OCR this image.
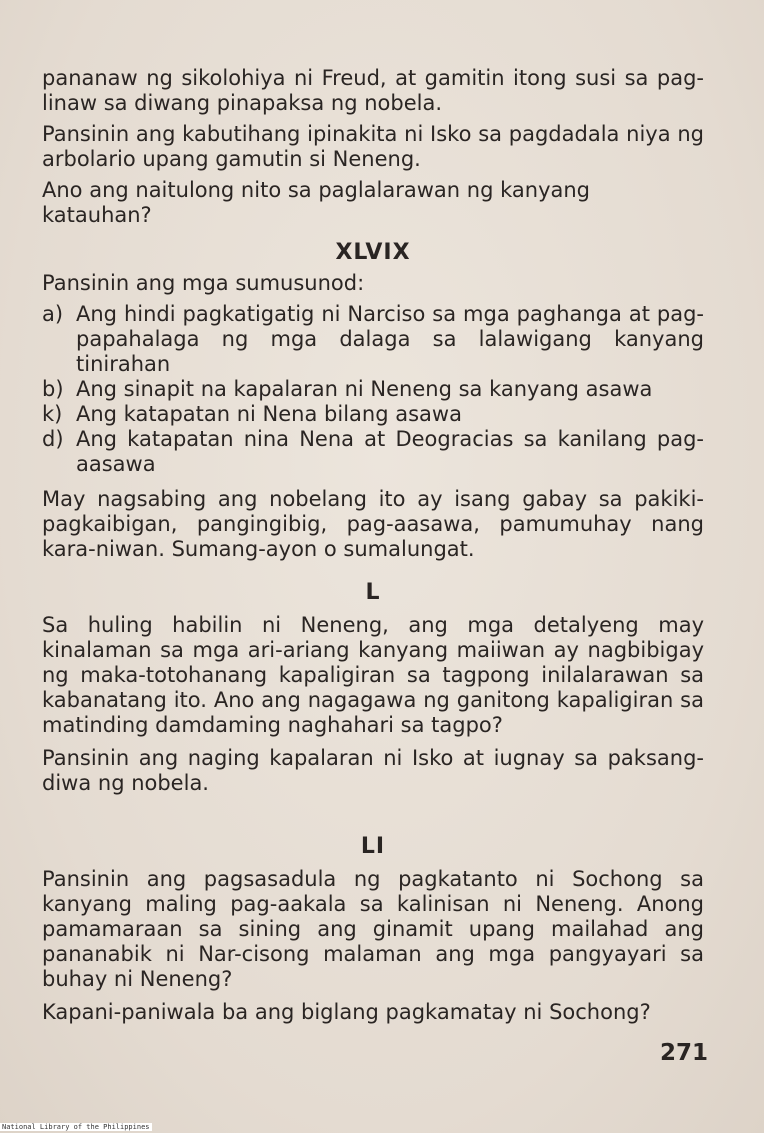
pananaw ng sikolohiya ni Freud, at gamitin itong susi sa pag-linaw sa diwang pinapaksa ng nobela.

Pansinin ang kabutihang ipinakita ni Isko sa pagdadala niya ng arbolario upang gamutin si Neneng.

Ano ang naitulong nito sa paglalarawan ng kanyang katauhan?

XLVIX

Pansinin ang mga sumusunod:

a) Ang hindi pagkatigatig ni Narciso sa mga paghanga at pag-papahalaga ng mga dalaga sa lalawigang kanyang tinirahan
b) Ang sinapit na kapalaran ni Neneng sa kanyang asawa
k) Ang katapatan ni Nena bilang asawa
d) Ang katapatan nina Nena at Deogracias sa kanilang pag-aasawa

May nagsabing ang nobelang ito ay isang gabay sa pakiki-pagkaibigan, pangingibig, pag-aasawa, pamumuhay nang kara-niwan. Sumang-ayon o sumalungat.

L

Sa huling habilin ni Neneng, ang mga detalyeng may kinalaman sa mga ari-ariang kanyang maiiwan ay nagbibigay ng maka-totohanang kapaligiran sa tagpong inilalarawan sa kabanatang ito. Ano ang nagagawa ng ganitong kapaligiran sa matinding damdaming naghahari sa tagpo?

Pansinin ang naging kapalaran ni Isko at iugnay sa paksang-diwa ng nobela.

LI

Pansinin ang pagsasadula ng pagkatanto ni Sochong sa kanyang maling pag-aakala sa kalinisan ni Neneng. Anong pamamaraan sa sining ang ginamit upang mailahad ang pananabik ni Nar-cisong malaman ang mga pangyayari sa buhay ni Neneng?

Kapani-paniwala ba ang biglang pagkamatay ni Sochong?

271
National Library of the Philippines
